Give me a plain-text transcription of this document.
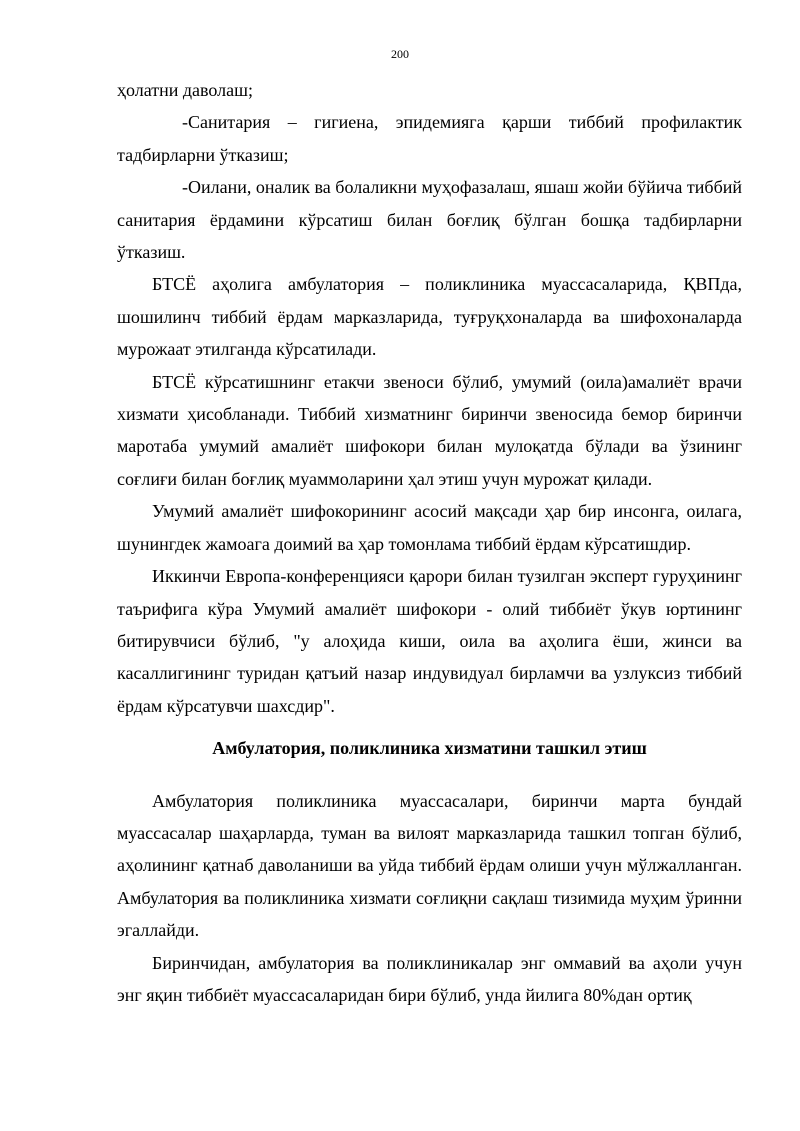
200

ҳолатни даволаш;

-Санитария – гигиена, эпидемияга қарши тиббий профилактик тадбирларни ўтказиш;

-Оилани, оналик ва болаликни муҳофазалаш, яшаш жойи бўйича тиббий санитария ёрдамини кўрсатиш билан боғлиқ бўлган бошқа тадбирларни ўтказиш.

БТСЁ аҳолига амбулатория – поликлиника муассасаларида, ҚВПда, шошилинч тиббий ёрдам марказларида, туғруқхоналарда ва шифохоналарда мурожаат этилганда кўрсатилади.

БТСЁ кўрсатишнинг етакчи звеноси бўлиб, умумий (оила)амалиёт врачи хизмати ҳисобланади. Тиббий хизматнинг биринчи звеносида бемор биринчи маротаба умумий амалиёт шифокори билан мулоқатда бўлади ва ўзининг соғлиғи билан боғлиқ муаммоларини ҳал этиш учун мурожат қилади.

Умумий амалиёт шифокорининг асосий мақсади ҳар бир инсонга, оилага, шунингдек жамоага доимий ва ҳар томонлама тиббий ёрдам кўрсатишдир.

Иккинчи Европа-конференцияси қарори билан тузилган эксперт гуруҳининг таърифига кўра Умумий амалиёт шифокори - олий тиббиёт ўкув юртининг битирувчиси бўлиб, "у алоҳида киши, оила ва аҳолига ёши, жинси ва касаллигининг туридан қатъий назар индувидуал бирламчи ва узлуксиз тиббий ёрдам кўрсатувчи шахсдир".

Амбулатория, поликлиника хизматини ташкил этиш

Амбулатория поликлиника муассасалари, биринчи марта бундай муассасалар шаҳарларда, туман ва вилоят марказларида ташкил топган бўлиб, аҳолининг қатнаб даволаниши ва уйда тиббий ёрдам олиши учун мўлжалланган. Амбулатория ва поликлиника хизмати соғлиқни сақлаш тизимида муҳим ўринни эгаллайди.

Биринчидан, амбулатория ва поликлиникалар энг оммавий ва аҳоли учун энг яқин тиббиёт муассасаларидан бири бўлиб, унда йилига 80%дан ортиқ
